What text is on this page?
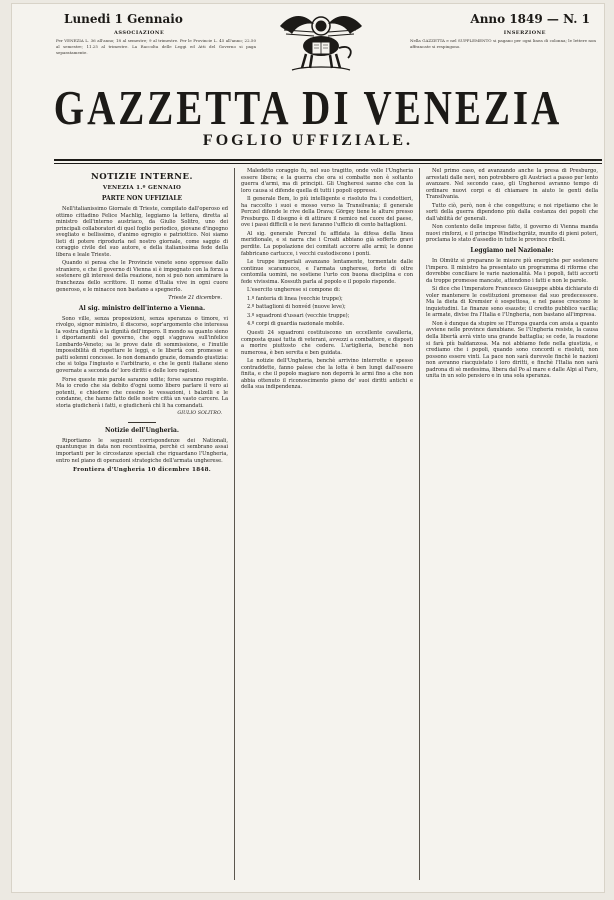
Lunedi 1 Gennaio	Anno 1849 — N. 1
ASSOCIAZIONE	INSERZIONE
Per VENEZIA L. 36 all'anno; 18 al semestre; 9 al trimestre. Per le Provincie L. 45 all'anno; 22.50 al semestre; 11.25 al trimestre. La Raccolta delle Leggi ed Atti del Governo si paga separatamente.
Nella GAZZETTA e nel SUPPLEMENTO si pagano per ogni linea di colonna; le lettere non affrancate si respingono.
GAZZETTA DI VENEZIA
FOGLIO UFFIZIALE.
NOTIZIE INTERNE.
VENEZIA 1.º GENNAIO
PARTE NON UFFIZIALE

Nell'italianissimo Giornale di Trieste, compilato dall'operoso ed ottimo cittadino Felice Machlig, leggiamo la lettera, diretta al ministro dell'interno austriaco, da Giulio Solitro, uno dei principali collaboratori di quel foglio periodico, giovane d'ingegno svegliato e bellissimo, d'animo egregio e patriottico. Noi siamo lieti di potere riprodurla nel nostro giornale, come saggio di coraggio civile del suo autore, e della italianissima fede della libera e leale Trieste.

Quando si pensa che le Provincie venete sono oppresse dallo straniero, e che il governo di Vienna si è impegnato con la forza a sostenere gli interessi della reazione, non si può non ammirare la franchezza dello scrittore. Il nome d'Italia vive in ogni cuore generoso, e le minacce non bastano a spegnerlo.

Trieste 21 dicembre.
Al sig. ministro dell'interno a Vienna.

Sono ville, senza proposizioni, senza speranza o timore, vi rivolgo, signor ministro, il discorso, sopr'argomento che interessa la vostra dignità e la dignità dell'impero. Il mondo sa quanto sieno i diportamenti del governo, che oggi s'aggrava sull'infelice Lombardo-Veneto; sa le prove date di sommissione, e l'inutile impossibilità di rispettare le leggi, e le libertà con promesse e patti solenni concesse. Io non domando grazie, domando giustizia: che si tolga l'ingiusto e l'arbitrario, e che le genti italiane sieno governate a seconda de' loro diritti e delle loro ragioni.

Forse queste mie parole saranno udite; forse saranno respinte. Ma io credo che sia debito d'ogni uomo libero parlare il vero ai potenti, e chiedere che cessino le vessazioni, i balzelli e le condanne, che hanno fatto delle nostre città un vasto carcere. La storia giudicherà i fatti, e giudicherà chi li ha comandati.

GIULIO SOLITRO.
Notizie dell'Ungheria.

Riportiamo le seguenti corrispondenze dei Nationali, quantunque in data non recentissima, perchè ci sembrano assai importanti per le circostanze speciali che riguardano l'Ungheria, entro nel piano di operazioni strategiche dell'armata ungherese.

Frontiera d'Ungheria 10 dicembre 1848.

Maledetto coraggio fu, nel suo tragitto, onde volle l'Ungheria essere libera; e la guerra che ora si combatte non è soltanto guerra d'armi, ma di principii. Gli Ungheresi sanno che con la loro causa si difende quella di tutti i popoli oppressi.

Il generale Bem, lo più intelligente e risoluto fra i condottieri, ha raccolto i suoi e mosso verso la Transilvania; il generale Perczel difende le rive della Drava; Görgey tiene le alture presso Presburgo. Il disegno è di attirare il nemico nel cuore del paese, ove i passi difficili e le nevi faranno l'ufficio di cento battaglioni.

Al sig. generale Perczel fu affidata la difesa della linea meridionale, e si narra che i Croati abbiano già sofferto gravi perdite. La popolazione dei comitati accorre alle armi; le donne fabbricano cartucce, i vecchi custodiscono i ponti.

Le truppe imperiali avanzano lentamente, tormentate dalle continue scaramucce, e l'armata ungherese, forte di oltre centomila uomini, ne sostiene l'urto con buona disciplina e con fede vivissima. Kossuth parla al popolo e il popolo risponde.

L'esercito ungherese si compone di:

1.º fanteria di linea (vecchie truppe);

2.º battaglioni di honvéd (nuove leve);

3.º squadroni d'ussari (vecchie truppe);

4.º corpi di guardia nazionale mobile.

Questi 24 squadroni costituiscono un eccellente cavalleria, composta quasi tutta di veterani, avvezzi a combattere, e disposti a morire piuttosto che cedere. L'artiglieria, benchè non numerosa, è ben servita e ben guidata.

Le notizie dell'Ungheria, benchè arrivino interrotte e spesso contraddette, fanno palese che la lotta è ben lungi dall'essere finita, e che il popolo magiaro non deporrà le armi fino a che non abbia ottenuto il riconoscimento pieno de' suoi diritti antichi e della sua indipendenza.

Nel primo caso, ed avanzando anche la presa di Presburgo, arrestati dalle nevi, non potrebbero gli Austriaci a passo pur lento avanzare. Nel secondo caso, gli Ungheresi avranno tempo di ordinare nuovi corpi e di chiamare in aiuto le genti della Transilvania.

Tutto ciò, però, non è che congettura; e noi ripetiamo che le sorti della guerra dipendono più dalla costanza dei popoli che dall'abilità de' generali.

Non contento delle imprese fatte, il governo di Vienna manda nuovi rinforzi, e il principe Windischgrätz, munito di pieni poteri, proclama lo stato d'assedio in tutte le province ribelli.

Leggiamo nel Nazionale:

In Olmütz si preparano le misure più energiche per sostenere l'impero. Il ministro ha presentato un programma di riforme che dovrebbe conciliare le varie nazionalità. Ma i popoli, fatti accorti da troppe promesse mancate, attendono i fatti e non le parole.

Si dice che l'imperatore Francesco Giuseppe abbia dichiarato di voler mantenere le costituzioni promesse dal suo predecessore. Ma la dieta di Kremsier è sospettosa, e nel paese crescono le inquietudini. Le finanze sono esauste; il credito pubblico vacilla; le armate, divise fra l'Italia e l'Ungheria, non bastano all'impresa.

Non è dunque da stupire se l'Europa guarda con ansia a quanto avviene nelle province danubiane. Se l'Ungheria resiste, la causa della libertà avrà vinto una grande battaglia; se cede, la reazione si farà più baldanzosa. Ma noi abbiamo fede nella giustizia, e crediamo che i popoli, quando sono concordi e risoluti, non possono essere vinti. La pace non sarà durevole finchè le nazioni non avranno riacquistato i loro diritti, e finchè l'Italia non sarà padrona di sè medesima, libera dal Po al mare e dalle Alpi al Faro, unita in un solo pensiero e in una sola speranza.
